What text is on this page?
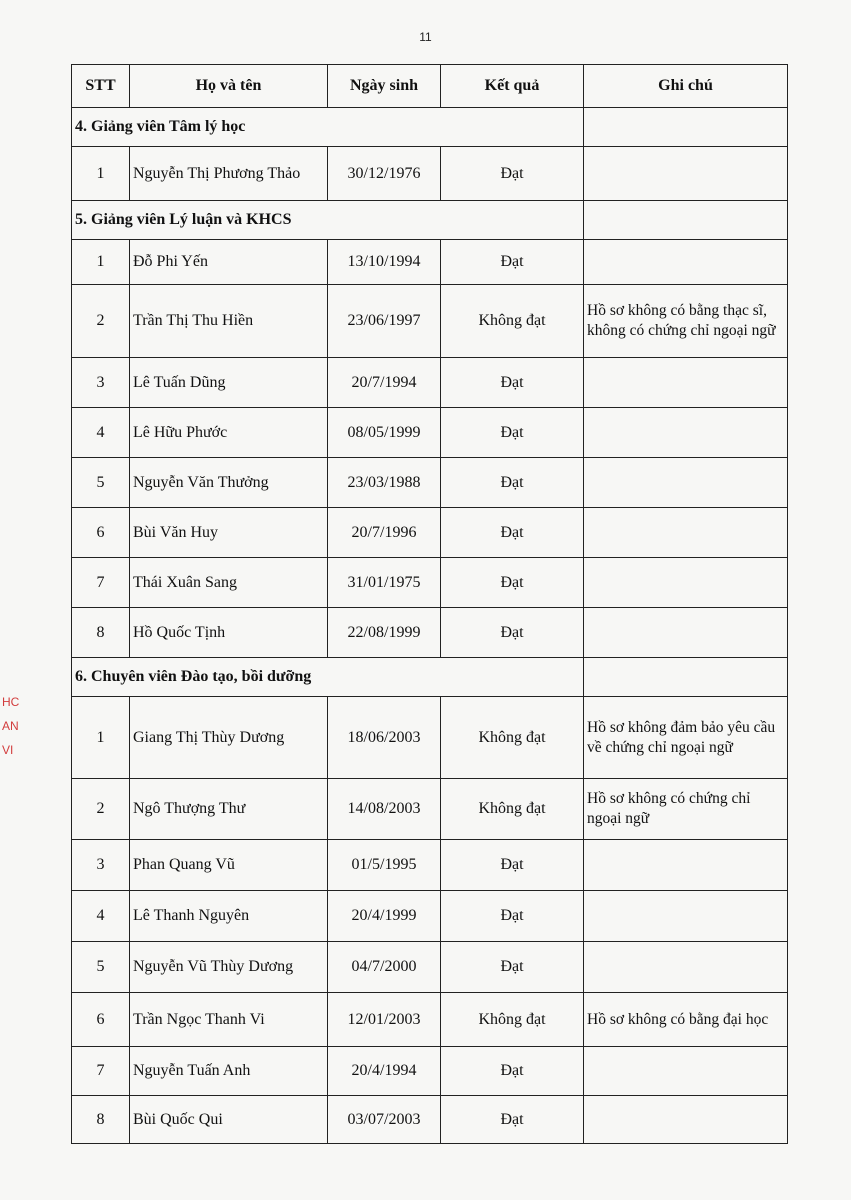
11
HC
AN
VI
STT	Họ và tên	Ngày sinh	Kết quả	Ghi chú
4. Giảng viên Tâm lý học				
1	Nguyễn Thị Phương Thảo	30/12/1976	Đạt	
5. Giảng viên Lý luận và KHCS				
1	Đỗ Phi Yến	13/10/1994	Đạt	
2	Trần Thị Thu Hiền	23/06/1997	Không đạt	Hồ sơ không có bằng thạc sĩ, không có chứng chỉ ngoại ngữ
3	Lê Tuấn Dũng	20/7/1994	Đạt	
4	Lê Hữu Phước	08/05/1999	Đạt	
5	Nguyễn Văn Thưởng	23/03/1988	Đạt	
6	Bùi Văn Huy	20/7/1996	Đạt	
7	Thái Xuân Sang	31/01/1975	Đạt	
8	Hồ Quốc Tịnh	22/08/1999	Đạt	
6. Chuyên viên Đào tạo, bồi dưỡng				
1	Giang Thị Thùy Dương	18/06/2003	Không đạt	Hồ sơ không đảm bảo yêu cầu về chứng chỉ ngoại ngữ
2	Ngô Thượng Thư	14/08/2003	Không đạt	Hồ sơ không có chứng chỉ ngoại ngữ
3	Phan Quang Vũ	01/5/1995	Đạt	
4	Lê Thanh Nguyên	20/4/1999	Đạt	
5	Nguyễn Vũ Thùy Dương	04/7/2000	Đạt	
6	Trần Ngọc Thanh Vi	12/01/2003	Không đạt	Hồ sơ không có bằng đại học
7	Nguyễn Tuấn Anh	20/4/1994	Đạt	
8	Bùi Quốc Qui	03/07/2003	Đạt	
